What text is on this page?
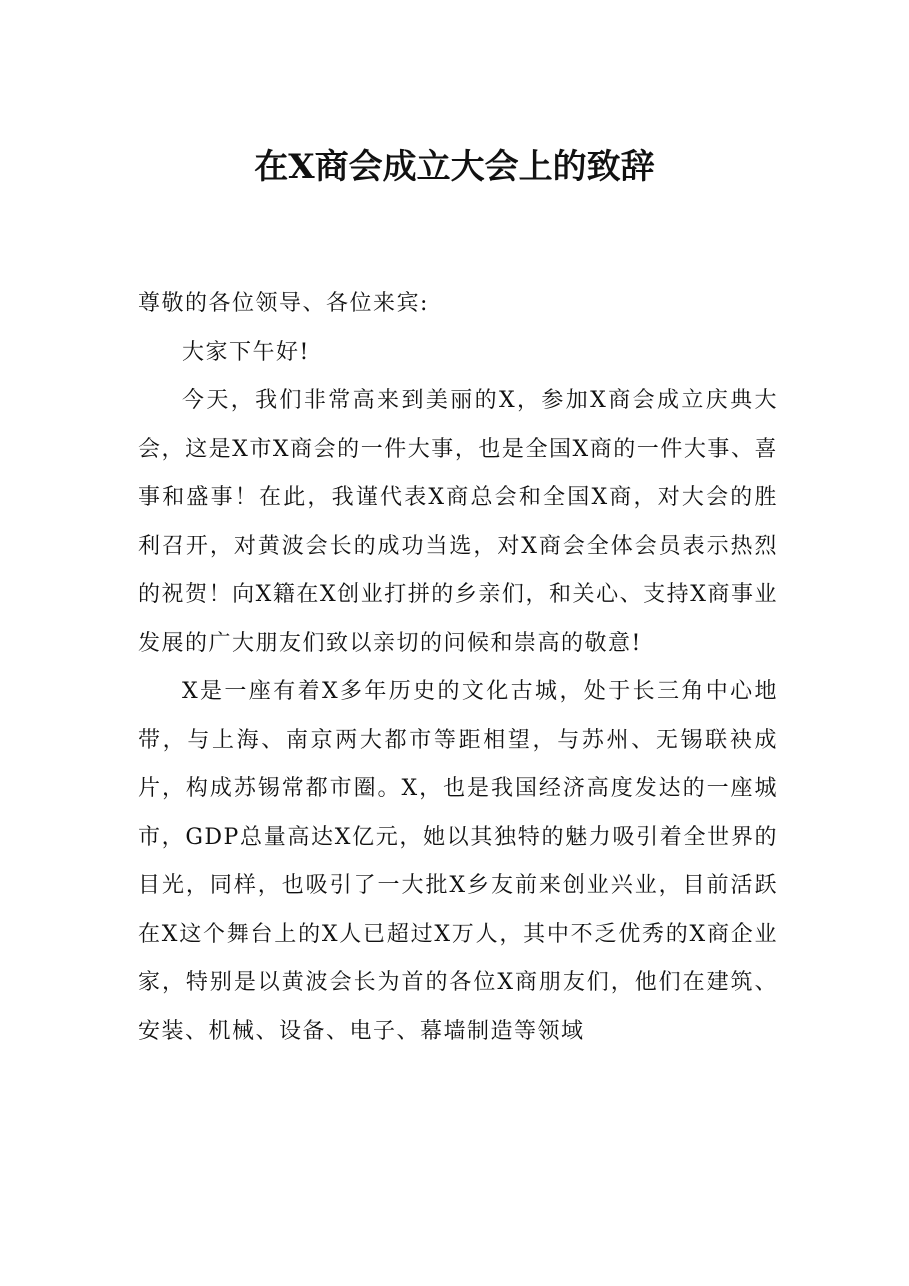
在X商会成立大会上的致辞

尊敬的各位领导、各位来宾:

大家下午好!

今天，我们非常高来到美丽的X，参加X商会成立庆典大会，这是X市X商会的一件大事，也是全国X商的一件大事、喜事和盛事！在此，我谨代表X商总会和全国X商，对大会的胜利召开，对黄波会长的成功当选，对X商会全体会员表示热烈的祝贺！向X籍在X创业打拼的乡亲们，和关心、支持X商事业发展的广大朋友们致以亲切的问候和崇高的敬意!

X是一座有着X多年历史的文化古城，处于长三角中心地带，与上海、南京两大都市等距相望，与苏州、无锡联袂成片，构成苏锡常都市圈。X，也是我国经济高度发达的一座城市，GDP总量高达X亿元，她以其独特的魅力吸引着全世界的目光，同样，也吸引了一大批X乡友前来创业兴业，目前活跃在X这个舞台上的X人已超过X万人，其中不乏优秀的X商企业家，特别是以黄波会长为首的各位X商朋友们，他们在建筑、安装、机械、设备、电子、幕墙制造等领域
